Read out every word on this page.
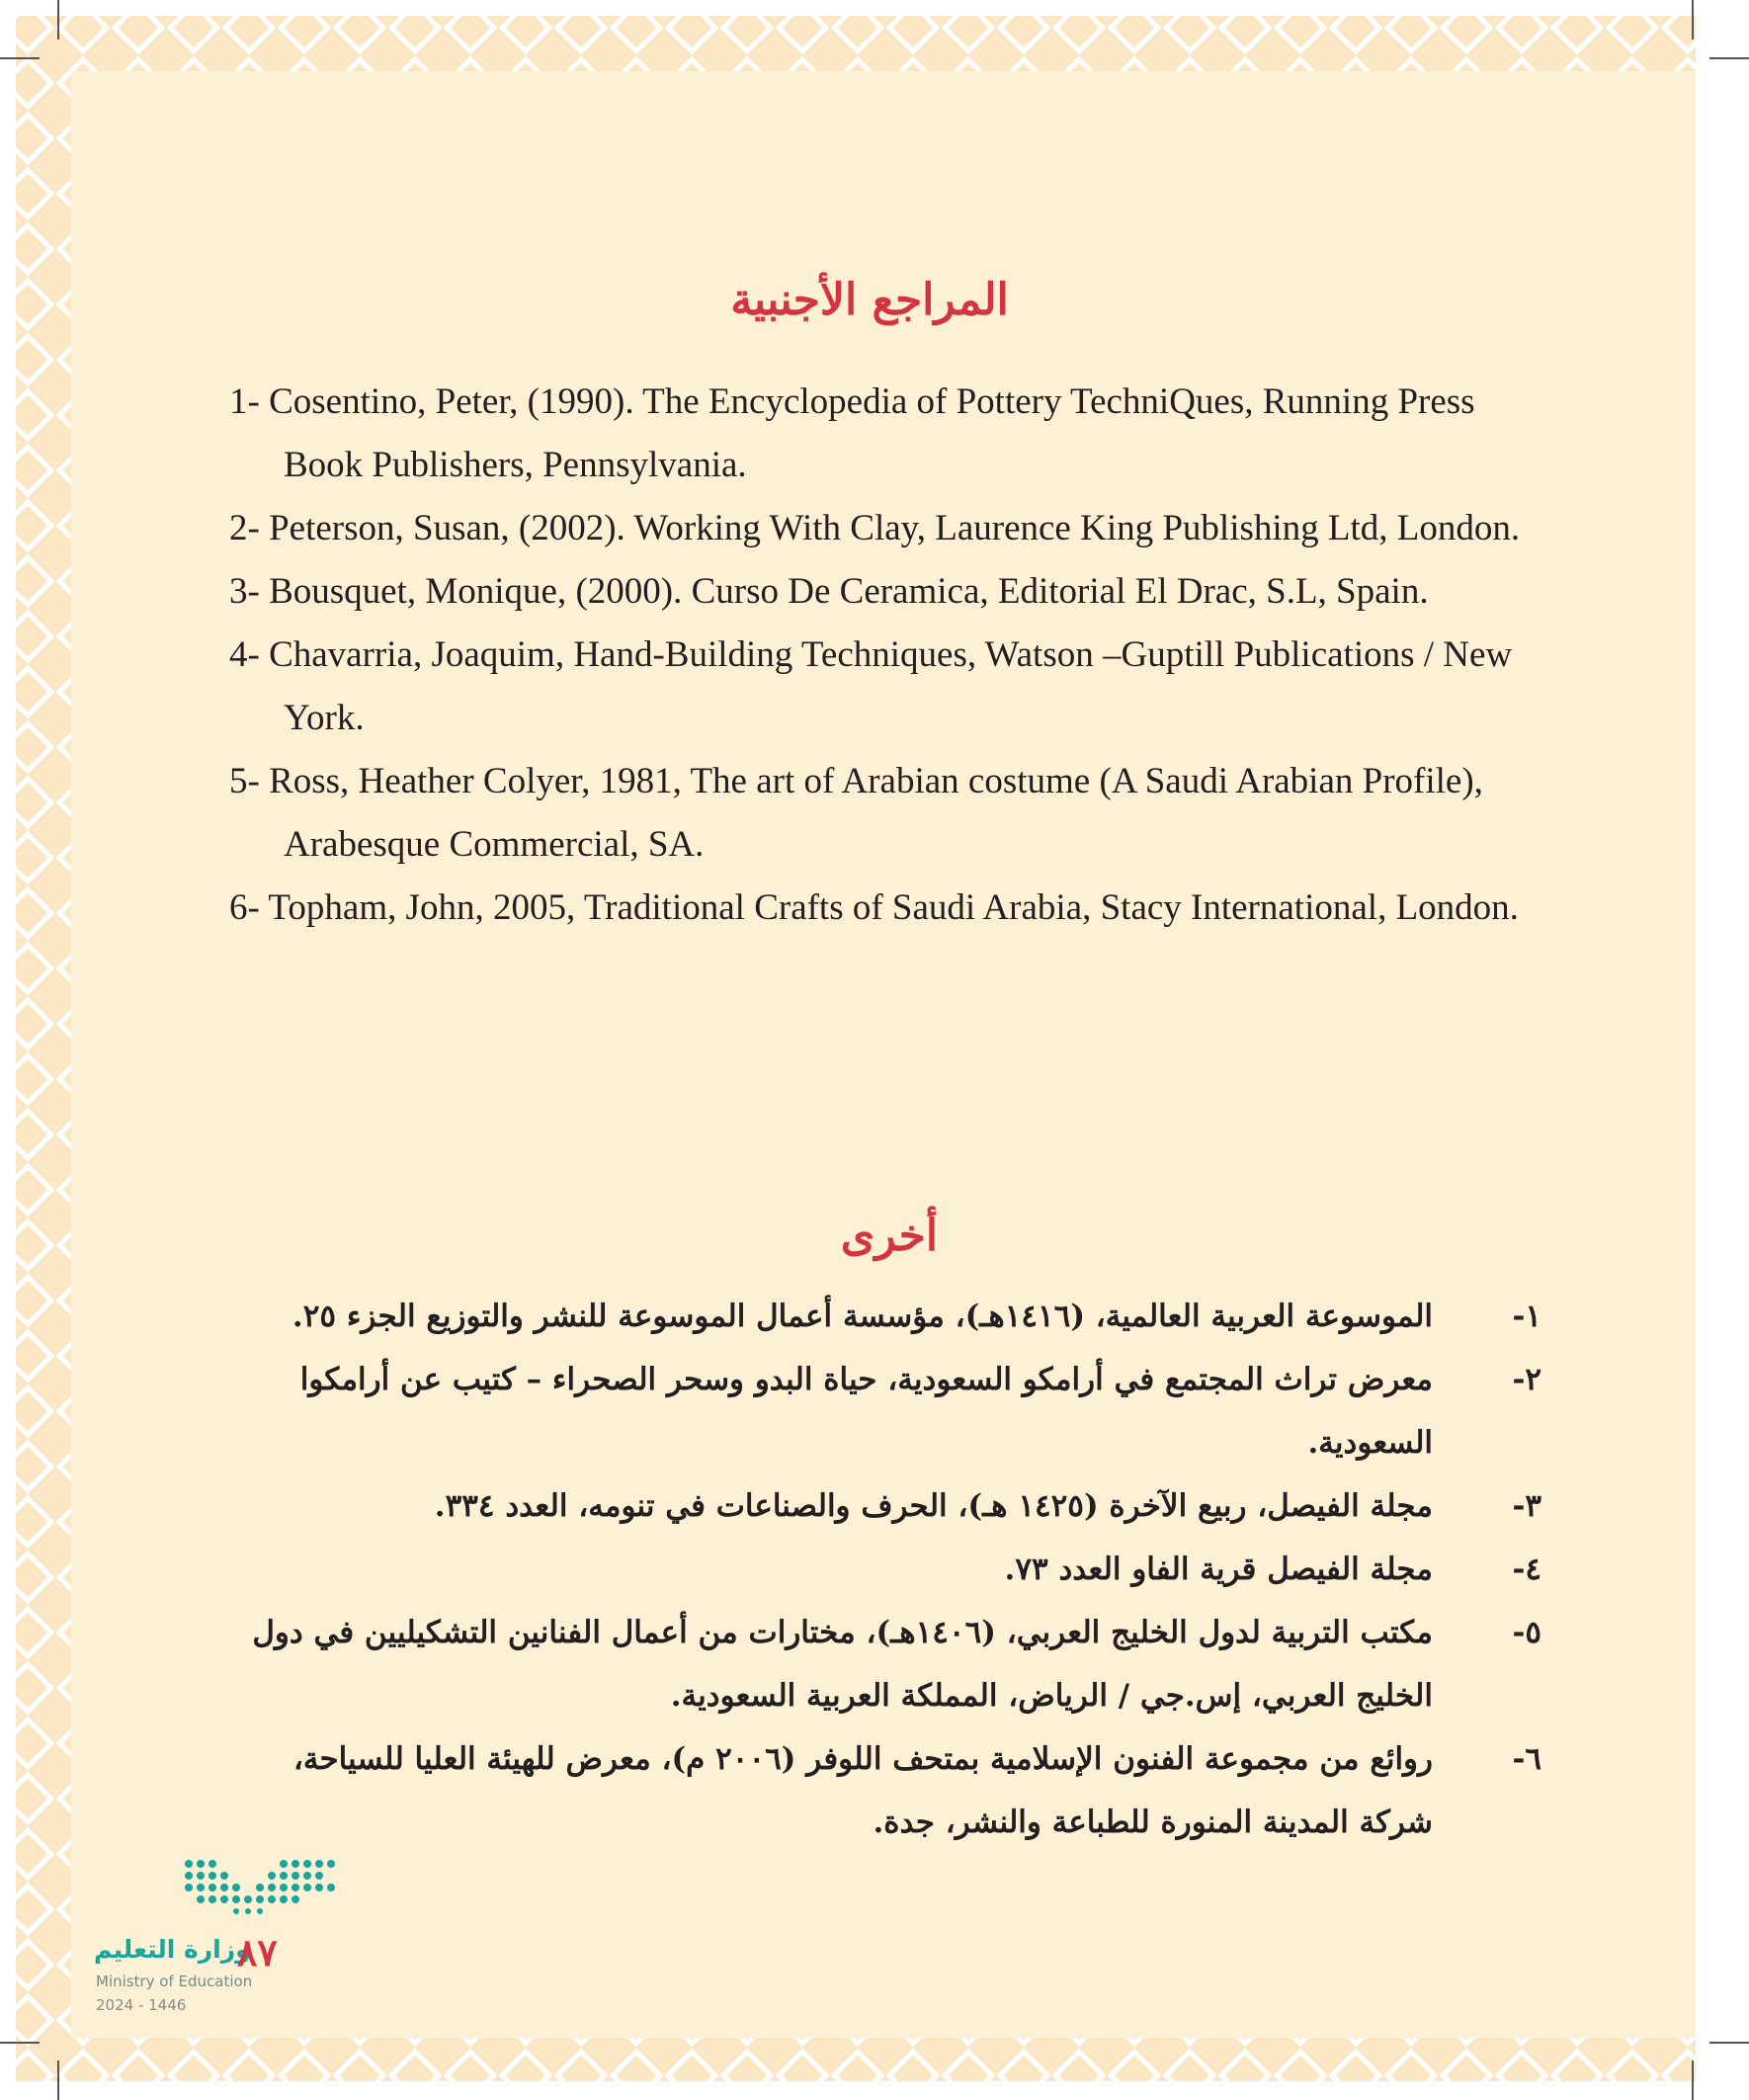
المراجع الأجنبية

1- Cosentino, Peter, (1990). The Encyclopedia of Pottery TechniQues, Running Press Book Publishers, Pennsylvania.

2- Peterson, Susan, (2002). Working With Clay, Laurence King Publishing Ltd, London.

3- Bousquet, Monique, (2000). Curso De Ceramica, Editorial El Drac, S.L, Spain.

4- Chavarria, Joaquim, Hand-Building Techniques, Watson –Guptill Publications / New York.

5- Ross, Heather Colyer, 1981, The art of Arabian costume (A Saudi Arabian Profile), Arabesque Commercial, SA.

6- Topham, John, 2005, Traditional Crafts of Saudi Arabia, Stacy International, London.

أخرى
١-
الموسوعة العربية العالمية، (١٤١٦هـ)، مؤسسة أعمال الموسوعة للنشر والتوزيع الجزء ٢٥.
٢-
معرض تراث المجتمع في أرامكو السعودية، حياة البدو وسحر الصحراء – كتيب عن أرامكوا السعودية.
٣-
مجلة الفيصل، ربيع الآخرة (١٤٢٥ هـ)، الحرف والصناعات في تنومه، العدد ٣٣٤.
٤-
مجلة الفيصل قرية الفاو العدد ٧٣.
٥-
مكتب التربية لدول الخليج العربي، (١٤٠٦هـ)، مختارات من أعمال الفنانين التشكيليين في دول الخليج العربي، إس.جي / الرياض، المملكة العربية السعودية.
٦-
روائع من مجموعة الفنون الإسلامية بمتحف اللوفر (٢٠٠٦ م)، معرض للهيئة العليا للسياحة، شركة المدينة المنورة للطباعة والنشر، جدة.
وزارة التعليم
٨٧
Ministry of Education
2024 - 1446
